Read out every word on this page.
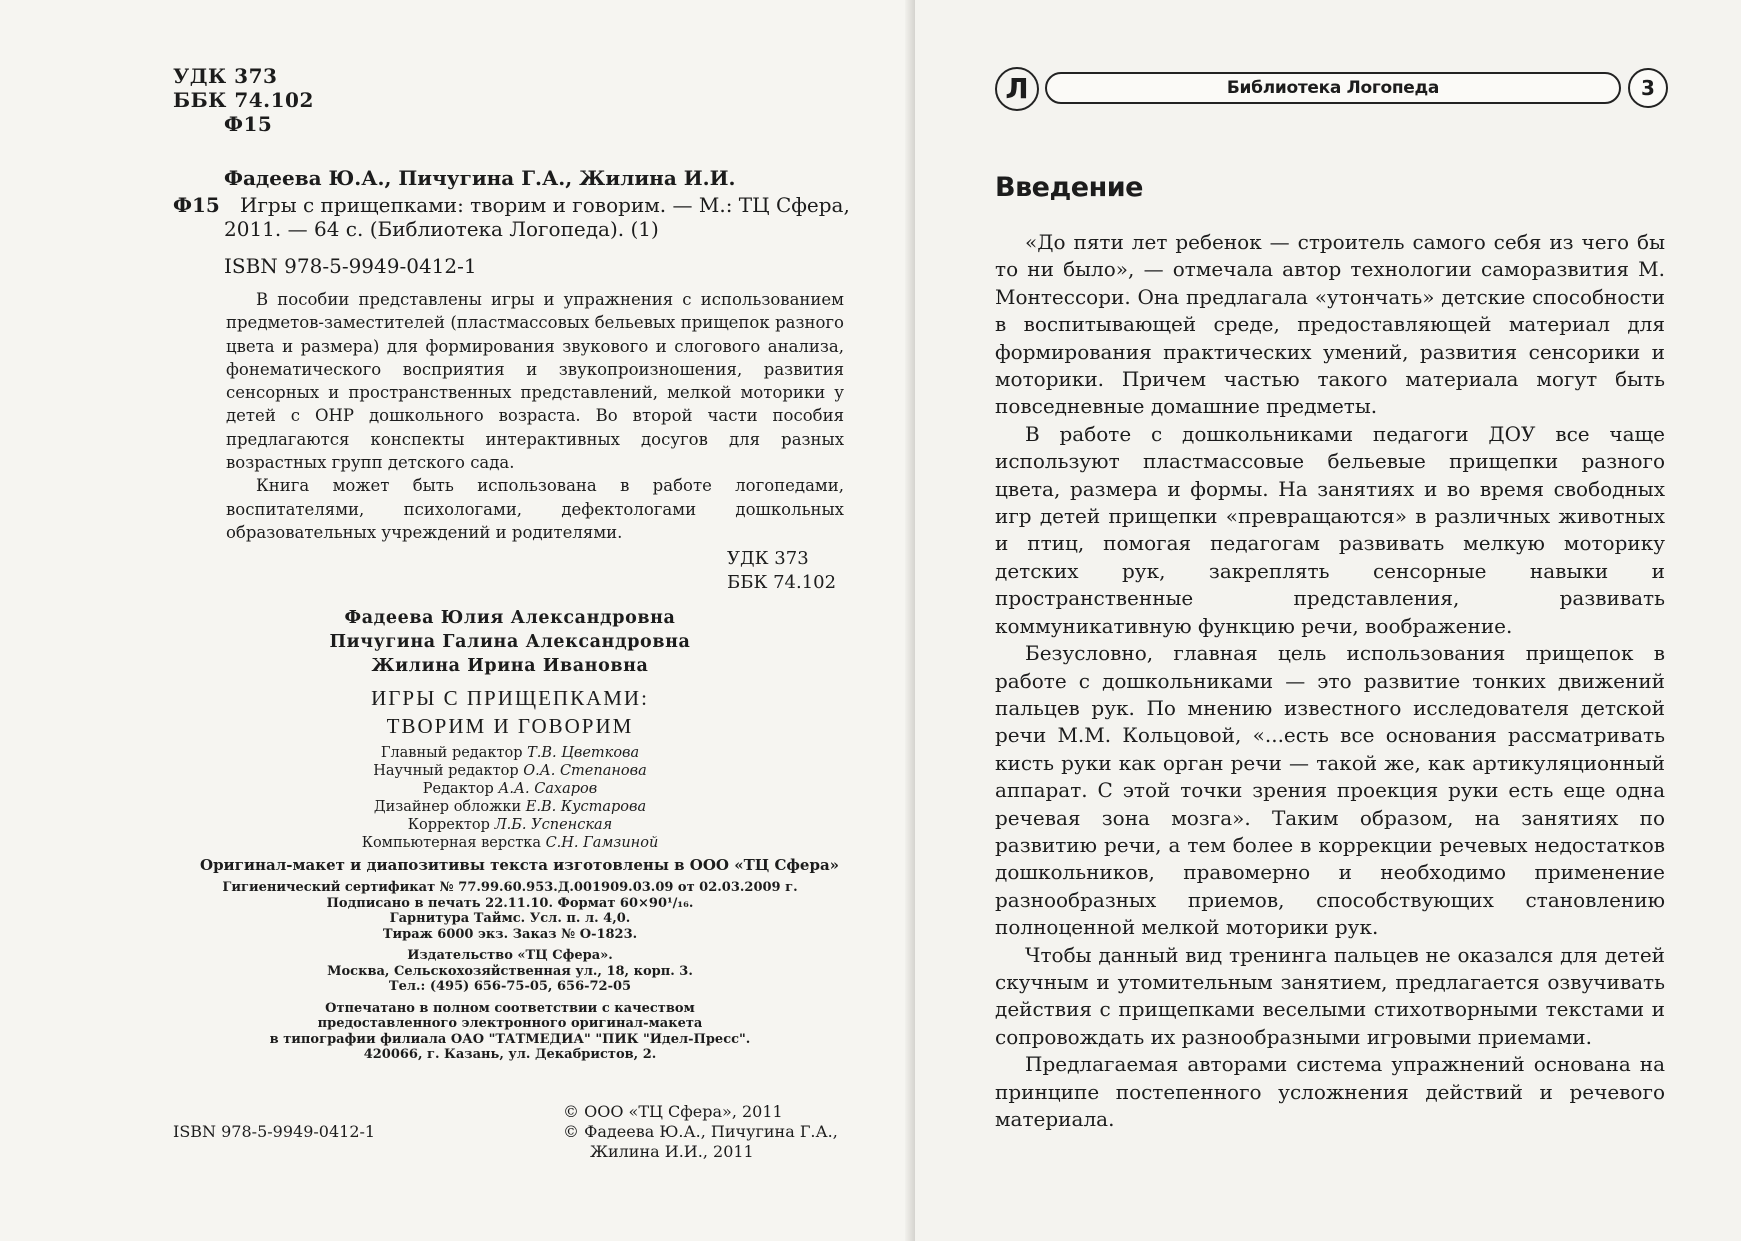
УДК 373
ББК 74.102
Ф15
Фадеева Ю.А., Пичугина Г.А., Жилина И.И.
Ф15 Игры с прищепками: творим и говорим. — М.: ТЦ Сфера,
2011. — 64 с. (Библиотека Логопеда). (1)
ISBN 978-5-9949-0412-1

В пособии представлены игры и упражнения с использованием предметов-заместителей (пластмассовых бельевых прищепок разного цвета и размера) для формирования звукового и слогового анализа, фонематического восприятия и звукопроизношения, развития сенсорных и пространственных представлений, мелкой моторики у детей с ОНР дошкольного возраста. Во второй части пособия предлагаются конспекты интерактивных досугов для разных возрастных групп детского сада.

Книга может быть использована в работе логопедами, воспитателями, психологами, дефектологами дошкольных образовательных учреждений и родителями.

УДК 373
ББК 74.102
Фадеева Юлия Александровна
Пичугина Галина Александровна
Жилина Ирина Ивановна
ИГРЫ С ПРИЩЕПКАМИ:
ТВОРИМ И ГОВОРИМ
Главный редактор Т.В. Цветкова
Научный редактор О.А. Степанова
Редактор А.А. Сахаров
Дизайнер обложки Е.В. Кустарова
Корректор Л.Б. Успенская
Компьютерная верстка С.Н. Гамзиной
Оригинал-макет и диапозитивы текста изготовлены в ООО «ТЦ Сфера»
Гигиенический сертификат № 77.99.60.953.Д.001909.03.09 от 02.03.2009 г.
Подписано в печать 22.11.10. Формат 60×90¹/₁₆.
Гарнитура Таймс. Усл. п. л. 4,0.
Тираж 6000 экз. Заказ № О-1823.
Издательство «ТЦ Сфера».
Москва, Сельскохозяйственная ул., 18, корп. 3.
Тел.: (495) 656-75-05, 656-72-05
Отпечатано в полном соответствии с качеством
предоставленного электронного оригинал-макета
в типографии филиала ОАО "ТАТМЕДИА" "ПИК "Идел-Пресс".
420066, г. Казань, ул. Декабристов, 2.
© ООО «ТЦ Сфера», 2011
© Фадеева Ю.А., Пичугина Г.А.,
Жилина И.И., 2011
ISBN 978-5-9949-0412-1
Л	Библиотека Логопеда	3
Введение

«До пяти лет ребенок — строитель самого себя из чего бы то ни было», — отмечала автор технологии саморазвития М. Монтессори. Она предлагала «утончать» детские способности в воспитывающей среде, предоставляющей материал для формирования практических умений, развития сенсорики и моторики. Причем частью такого материала могут быть повседневные домашние предметы.

В работе с дошкольниками педагоги ДОУ все чаще используют пластмассовые бельевые прищепки разного цвета, размера и формы. На занятиях и во время свободных игр детей прищепки «превращаются» в различных животных и птиц, помогая педагогам развивать мелкую моторику детских рук, закреплять сенсорные навыки и пространственные представления, развивать коммуникативную функцию речи, воображение.

Безусловно, главная цель использования прищепок в работе с дошкольниками — это развитие тонких движений пальцев рук. По мнению известного исследователя детской речи М.М. Кольцовой, «...есть все основания рассматривать кисть руки как орган речи — такой же, как артикуляционный аппарат. С этой точки зрения проекция руки есть еще одна речевая зона мозга». Таким образом, на занятиях по развитию речи, а тем более в коррекции речевых недостатков дошкольников, правомерно и необходимо применение разнообразных приемов, способствующих становлению полноценной мелкой моторики рук.

Чтобы данный вид тренинга пальцев не оказался для детей скучным и утомительным занятием, предлагается озвучивать действия с прищепками веселыми стихотворными текстами и сопровождать их разнообразными игровыми приемами.

Предлагаемая авторами система упражнений основана на принципе постепенного усложнения действий и речевого материала.
